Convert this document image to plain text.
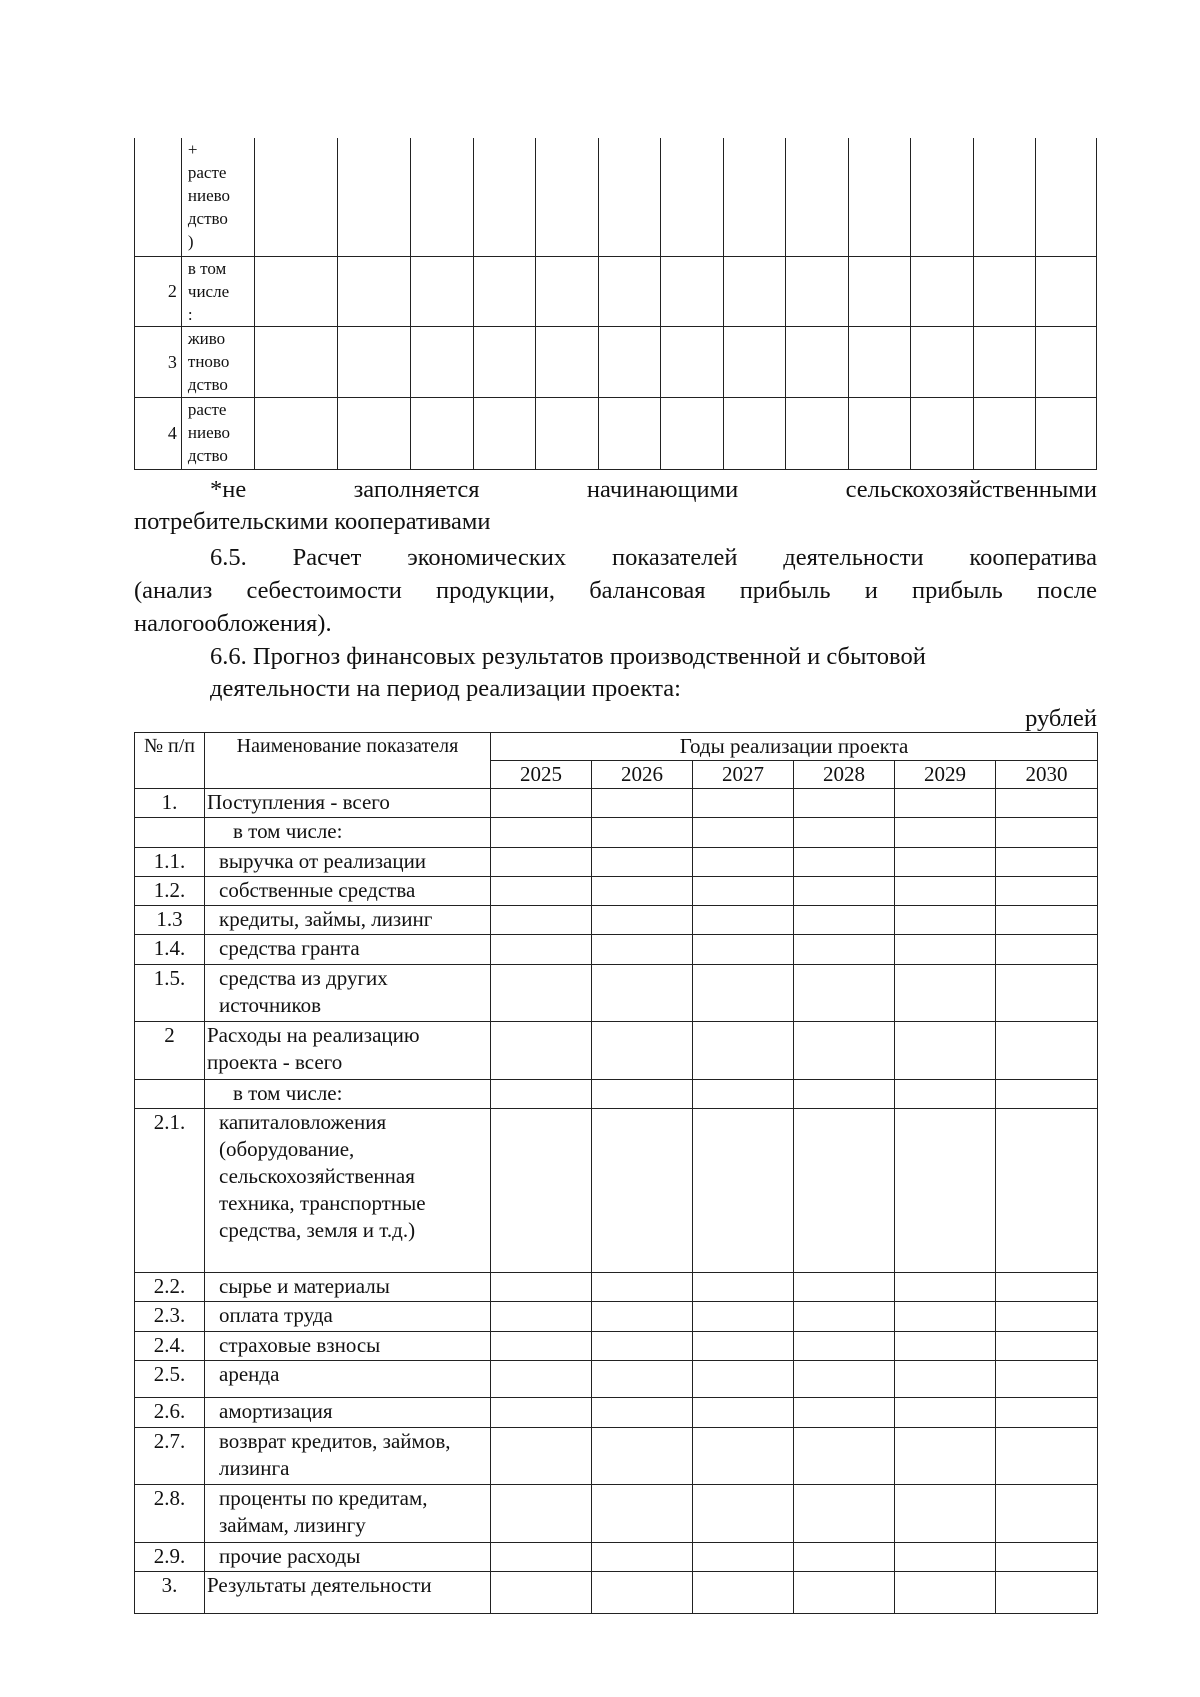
	+
расте
ниево
дство
)													

2	в том
числе
:													

3	живо
тново
дство													

4	расте
ниево
дство													

*не	заполняется	начинающими	сельскохозяйственными
потребительскими кооперативами
6.5. Расчет экономических показателей деятельности кооператива
(анализ себестоимости продукции, балансовая прибыль и прибыль после
налогообложения).
6.6. Прогноз финансовых результатов производственной и сбытовой
деятельности на период реализации проекта:
рублей
№ п/п	Наименование показателя	Годы реализации проекта					
		2025	2026	2027	2028	2029	2030
1.	Поступления - всего						
	в том числе:						
1.1.	выручка от реализации						
1.2.	собственные средства						
1.3	кредиты, займы, лизинг						
1.4.	средства гранта						
1.5.	средства из других источников						
2	Расходы на реализацию проекта - всего						
	в том числе:						
2.1.	капиталовложения (оборудование, сельскохозяйственная техника, транспортные средства, земля и т.д.)						
2.2.	сырье и материалы						
2.3.	оплата труда						
2.4.	страховые взносы						
2.5.	аренда						
2.6.	амортизация						
2.7.	возврат кредитов, займов, лизинга						
2.8.	проценты по кредитам, займам, лизингу						
2.9.	прочие расходы						
3.	Результаты деятельности						
